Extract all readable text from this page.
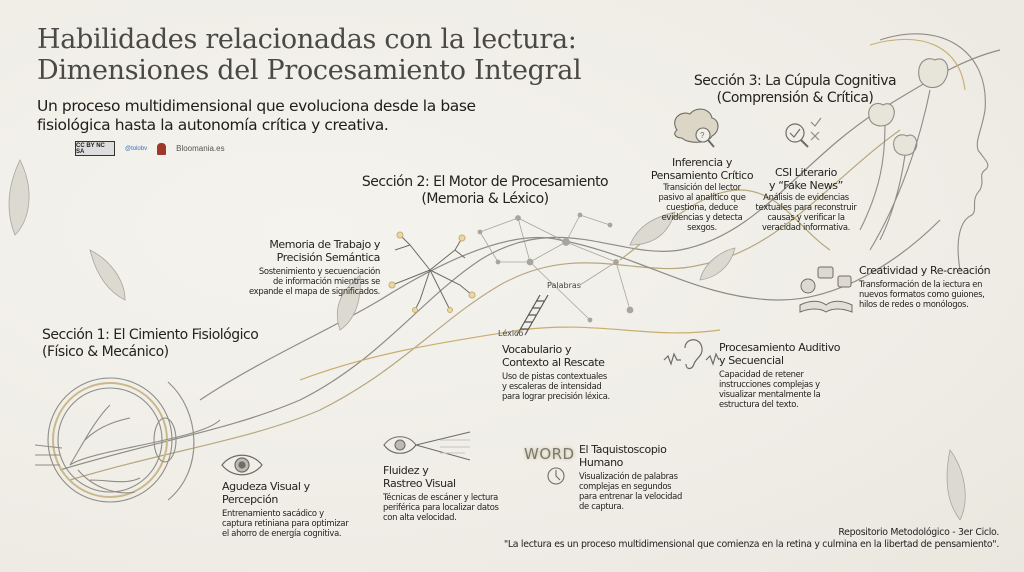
?
Habilidades relacionadas con la lectura:
Dimensiones del Procesamiento Integral
Un proceso multidimensional que evoluciona desde la base
fisiológica hasta la autonomía crítica y creativa.
CC BY NC SA	@tolobv	Bloomania.es
Sección 1: El Cimiento Fisiológico
(Físico & Mecánico)
Sección 2: El Motor de Procesamiento
(Memoria & Léxico)
Sección 3: La Cúpula Cognitiva
(Comprensión & Crítica)
Agudeza Visual y
Percepción
Entrenamiento sacádico y
captura retiniana para optimizar
el ahorro de energía cognitiva.
Fluidez y
Rastreo Visual
Técnicas de escáner y lectura
periférica para localizar datos
con alta velocidad.
WORD El Taquistoscopio
Humano
Visualización de palabras
complejas en segundos
para entrenar la velocidad
de captura.
Memoria de Trabajo y
Precisión Semántica
Sostenimiento y secuenciación
de información mientras se
expande el mapa de significados.
Palabras
Léxico
Vocabulario y
Contexto al Rescate
Uso de pistas contextuales
y escaleras de intensidad
para lograr precisión léxica.
Procesamiento Auditivo
y Secuencial
Capacidad de retener
instrucciones complejas y
visualizar mentalmente la
estructura del texto.
Inferencia y
Pensamiento Crítico
Transición del lector
pasivo al analítico que
cuestiona, deduce
evidencias y detecta
sexgos.
CSI Literario
y “Fake News”
Análisis de evidencias
textuales para reconstruir
causas y verificar la
veracidad informativa.
Creatividad y Re-creación
Transformación de la iectura en
nuevos formatos como guiones,
hilos de redes o monólogos.
Repositorio Metodológico - 3er Ciclo.
"La lectura es un proceso multidimensional que comienza en la retina y culmina en la libertad de pensamiento".
